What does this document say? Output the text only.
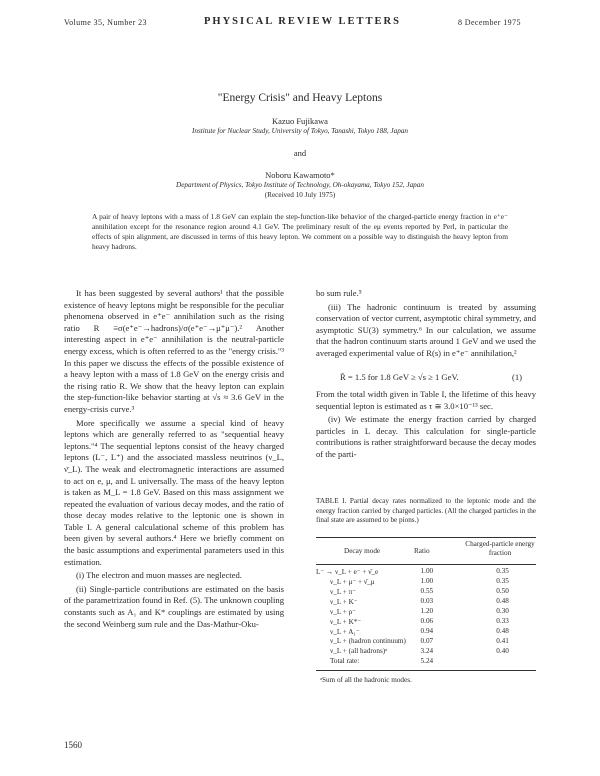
Volume 35, Number 23	PHYSICAL REVIEW LETTERS	8 December 1975
"Energy Crisis" and Heavy Leptons
Kazuo Fujikawa
Institute for Nuclear Study, University of Tokyo, Tanashi, Tokyo 188, Japan
and
Noboru Kawamoto*
Department of Physics, Tokyo Institute of Technology, Oh-okayama, Tokyo 152, Japan
(Received 10 July 1975)
A pair of heavy leptons with a mass of 1.8 GeV can explain the step-function-like behavior of the charged-particle energy fraction in e⁺e⁻ annihilation except for the resonance region around 4.1 GeV. The preliminary result of the eμ events reported by Perl, in particular the effects of spin alignment, are discussed in terms of this heavy lepton. We comment on a possible way to distinguish the heavy lepton from heavy hadrons.

It has been suggested by several authors¹ that the possible existence of heavy leptons might be responsible for the peculiar phenomena observed in e⁺e⁻ annihilation such as the rising ratio R ≡σ(e⁺e⁻→hadrons)/σ(e⁺e⁻→μ⁺μ⁻).² Another interesting aspect in e⁺e⁻ annihilation is the neutral-particle energy excess, which is often referred to as the "energy crisis."³ In this paper we discuss the effects of the possible existence of a heavy lepton with a mass of 1.8 GeV on the energy crisis and the rising ratio R. We show that the heavy lepton can explain the step-function-like behavior starting at √s ≈ 3.6 GeV in the energy-crisis curve.³

More specifically we assume a special kind of heavy leptons which are generally referred to as "sequential heavy leptons."⁴ The sequential leptons consist of the heavy charged leptons (L⁻, L⁺) and the associated massless neutrinos (ν_L, ν̄_L). The weak and electromagnetic interactions are assumed to act on e, μ, and L universally. The mass of the heavy lepton is taken as M_L = 1.8 GeV. Based on this mass assignment we repeated the evaluation of various decay modes, and the ratio of those decay modes relative to the leptonic one is shown in Table I. A general calculational scheme of this problem has been given by several authors.⁴ Here we briefly comment on the basic assumptions and experimental parameters used in this estimation.

(i) The electron and muon masses are neglected.

(ii) Single-particle contributions are estimated on the basis of the parametrization found in Ref. (5). The unknown coupling constants such as A₁ and K* couplings are estimated by using the second Weinberg sum rule and the Das-Mathur-Oku-

bo sum rule.⁵

(iii) The hadronic continuum is treated by assuming conservation of vector current, asymptotic chiral symmetry, and asymptotic SU(3) symmetry.⁶ In our calculation, we assume that the hadron continuum starts around 1 GeV and we used the averaged experimental value of R(s) in e⁺e⁻ annihilation,²

R̄ = 1.5 for 1.8 GeV ≥ √s ≥ 1 GeV.	(1)

From the total width given in Table I, the lifetime of this heavy sequential lepton is estimated as τ ≅ 3.0×10⁻¹³ sec.

(iv) We estimate the energy fraction carried by charged particles in L decay. This calculation for single-particle contributions is rather straightforward because the decay modes of the parti-

TABLE I. Partial decay rates normalized to the leptonic mode and the energy fraction carried by charged particles. (All the charged particles in the final state are assumed to be pions.)
Decay mode	Ratio
Charged-particle energy fraction
L⁻ → ν_L + e⁻ + ν̄_e	1.00	0.35
ν_L + μ⁻ + ν̄_μ	1.00	0.35
ν_L + π⁻	0.55	0.50
ν_L + K⁻	0.03	0.48
ν_L + ρ⁻	1.20	0.30
ν_L + K*⁻	0.06	0.33
ν_L + A₁⁻	0.94	0.48
ν_L + (hadron continuum)	0.07	0.41
ν_L + (all hadrons)ᵃ	3.24	0.40
Total rate:	5.24	
ᵃSum of all the hadronic modes.
1560
